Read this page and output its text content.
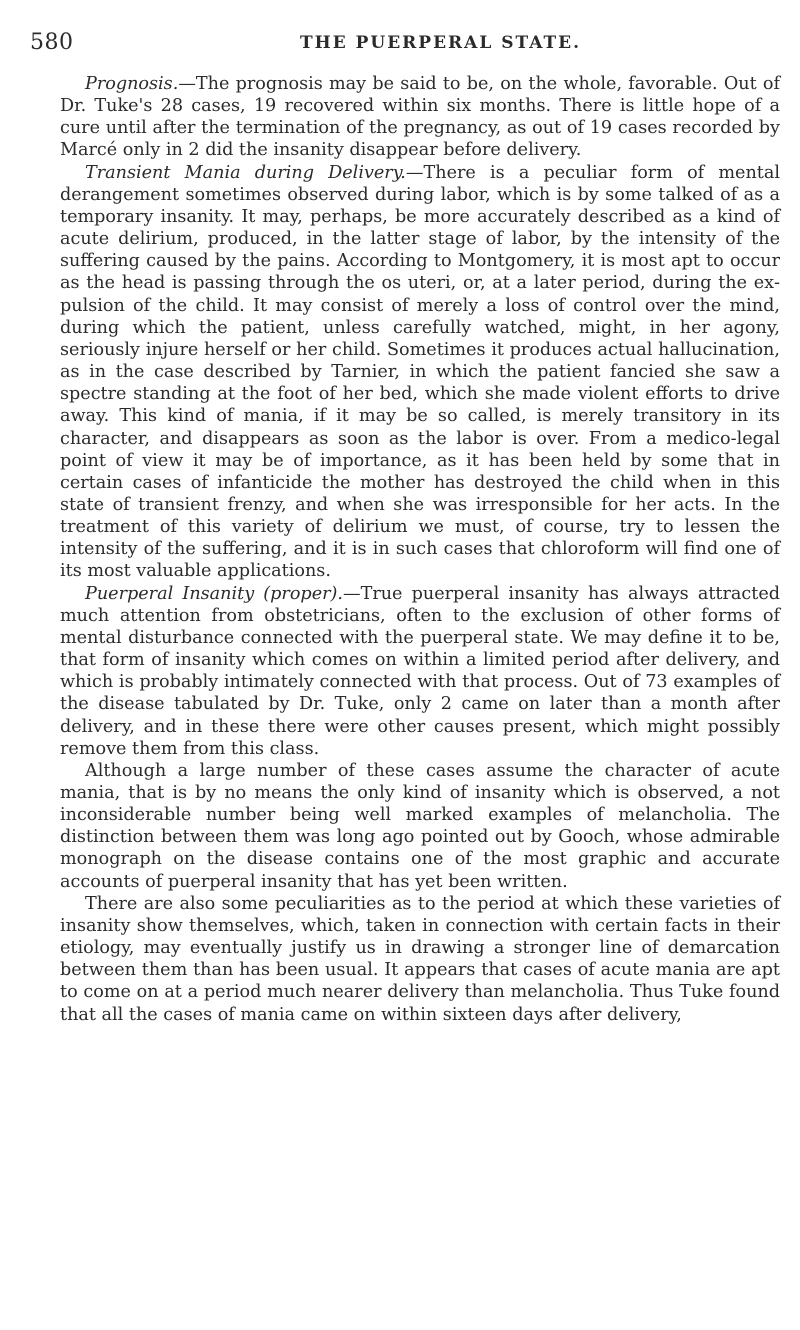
580	THE PUERPERAL STATE.

Prognosis.—The prognosis may be said to be, on the whole, favorable. Out of Dr. Tuke's 28 cases, 19 recovered within six months. There is little hope of a cure until after the termination of the pregnancy, as out of 19 cases recorded by Marcé only in 2 did the insanity disappear before delivery.

Transient Mania during Delivery.—There is a peculiar form of mental derangement sometimes observed during labor, which is by some talked of as a temporary insanity. It may, perhaps, be more accurately described as a kind of acute delirium, produced, in the latter stage of labor, by the intensity of the suffering caused by the pains. According to Montgomery, it is most apt to occur as the head is passing through the os uteri, or, at a later period, during the expulsion of the child. It may consist of merely a loss of control over the mind, during which the patient, unless carefully watched, might, in her agony, seriously injure herself or her child. Sometimes it produces actual hallucination, as in the case described by Tarnier, in which the patient fancied she saw a spectre standing at the foot of her bed, which she made violent efforts to drive away. This kind of mania, if it may be so called, is merely transitory in its character, and disappears as soon as the labor is over. From a medico-legal point of view it may be of importance, as it has been held by some that in certain cases of infanticide the mother has destroyed the child when in this state of transient frenzy, and when she was irresponsible for her acts. In the treatment of this variety of delirium we must, of course, try to lessen the intensity of the suffering, and it is in such cases that chloroform will find one of its most valuable applications.

Puerperal Insanity (proper).—True puerperal insanity has always attracted much attention from obstetricians, often to the exclusion of other forms of mental disturbance connected with the puerperal state. We may define it to be, that form of insanity which comes on within a limited period after delivery, and which is probably intimately connected with that process. Out of 73 examples of the disease tabulated by Dr. Tuke, only 2 came on later than a month after delivery, and in these there were other causes present, which might possibly remove them from this class.

Although a large number of these cases assume the character of acute mania, that is by no means the only kind of insanity which is observed, a not inconsiderable number being well marked examples of melancholia. The distinction between them was long ago pointed out by Gooch, whose admirable monograph on the disease contains one of the most graphic and accurate accounts of puerperal insanity that has yet been written.

There are also some peculiarities as to the period at which these varieties of insanity show themselves, which, taken in connection with certain facts in their etiology, may eventually justify us in drawing a stronger line of demarcation between them than has been usual. It appears that cases of acute mania are apt to come on at a period much nearer delivery than melancholia. Thus Tuke found that all the cases of mania came on within sixteen days after delivery,
